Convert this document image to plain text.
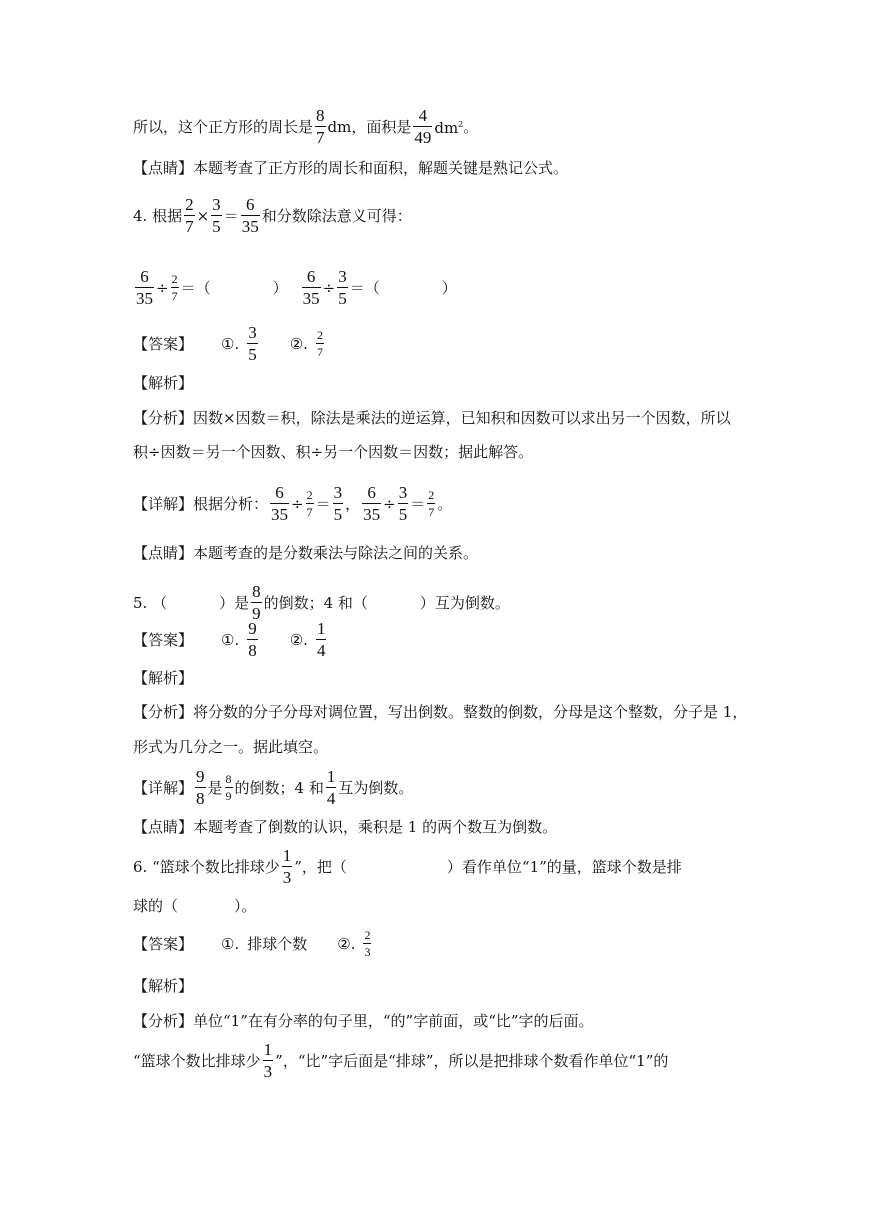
所以，这个正方形的周长是 $\frac{8}{7}$ dm，面积是 $\frac{4}{49} dm^2$ 。
【点睛】本题考查了正方形的周长和面积，解题关键是熟记公式。
4. 根据 $\frac{2}{7} \times \frac{3}{5} = \frac{6}{35}$ 和分数除法意义可得：
$\frac{6}{35} \div \frac{2}{7}$ ＝（	） $\frac{6}{35} \div \frac{3}{5}$ ＝（	）
【答案】 ①. $\frac{3}{5}$ ②. $\frac{2}{7}$
【解析】
【分析】因数×因数＝积，除法是乘法的逆运算，已知积和因数可以求出另一个因数，所以
积÷因数＝另一个因数、积÷另一个因数＝因数；据此解答。
【详解】根据分析： $\frac{6}{35} \div \frac{2}{7} = \frac{3}{5}$ ， $\frac{6}{35} \div \frac{3}{5} = \frac{2}{7}$ 。
【点睛】本题考查的是分数乘法与除法之间的关系。
5. （	）是 $\frac{8}{9}$ 的倒数；4 和（	）互为倒数。
【答案】 ①. $\frac{9}{8}$ ②. $\frac{1}{4}$
【解析】
【分析】将分数的分子分母对调位置，写出倒数。整数的倒数，分母是这个整数，分子是 1，
形式为几分之一。据此填空。
【详解】 $\frac{9}{8}$ 是 $\frac{8}{9}$ 的倒数；4 和 $\frac{1}{4}$ 互为倒数。
【点睛】本题考查了倒数的认识，乘积是 1 的两个数互为倒数。
6. “篮球个数比排球少 $\frac{1}{3}$ ”，把（	）看作单位“1”的量，篮球个数是排
球的（	）。
【答案】 ①. 排球个数 ②. $\frac{2}{3}$
【解析】
【分析】单位“1”在有分率的句子里，“的”字前面，或“比”字的后面。
“篮球个数比排球少 $\frac{1}{3}$ ”，“比”字后面是“排球”，所以是把排球个数看作单位“1”的
